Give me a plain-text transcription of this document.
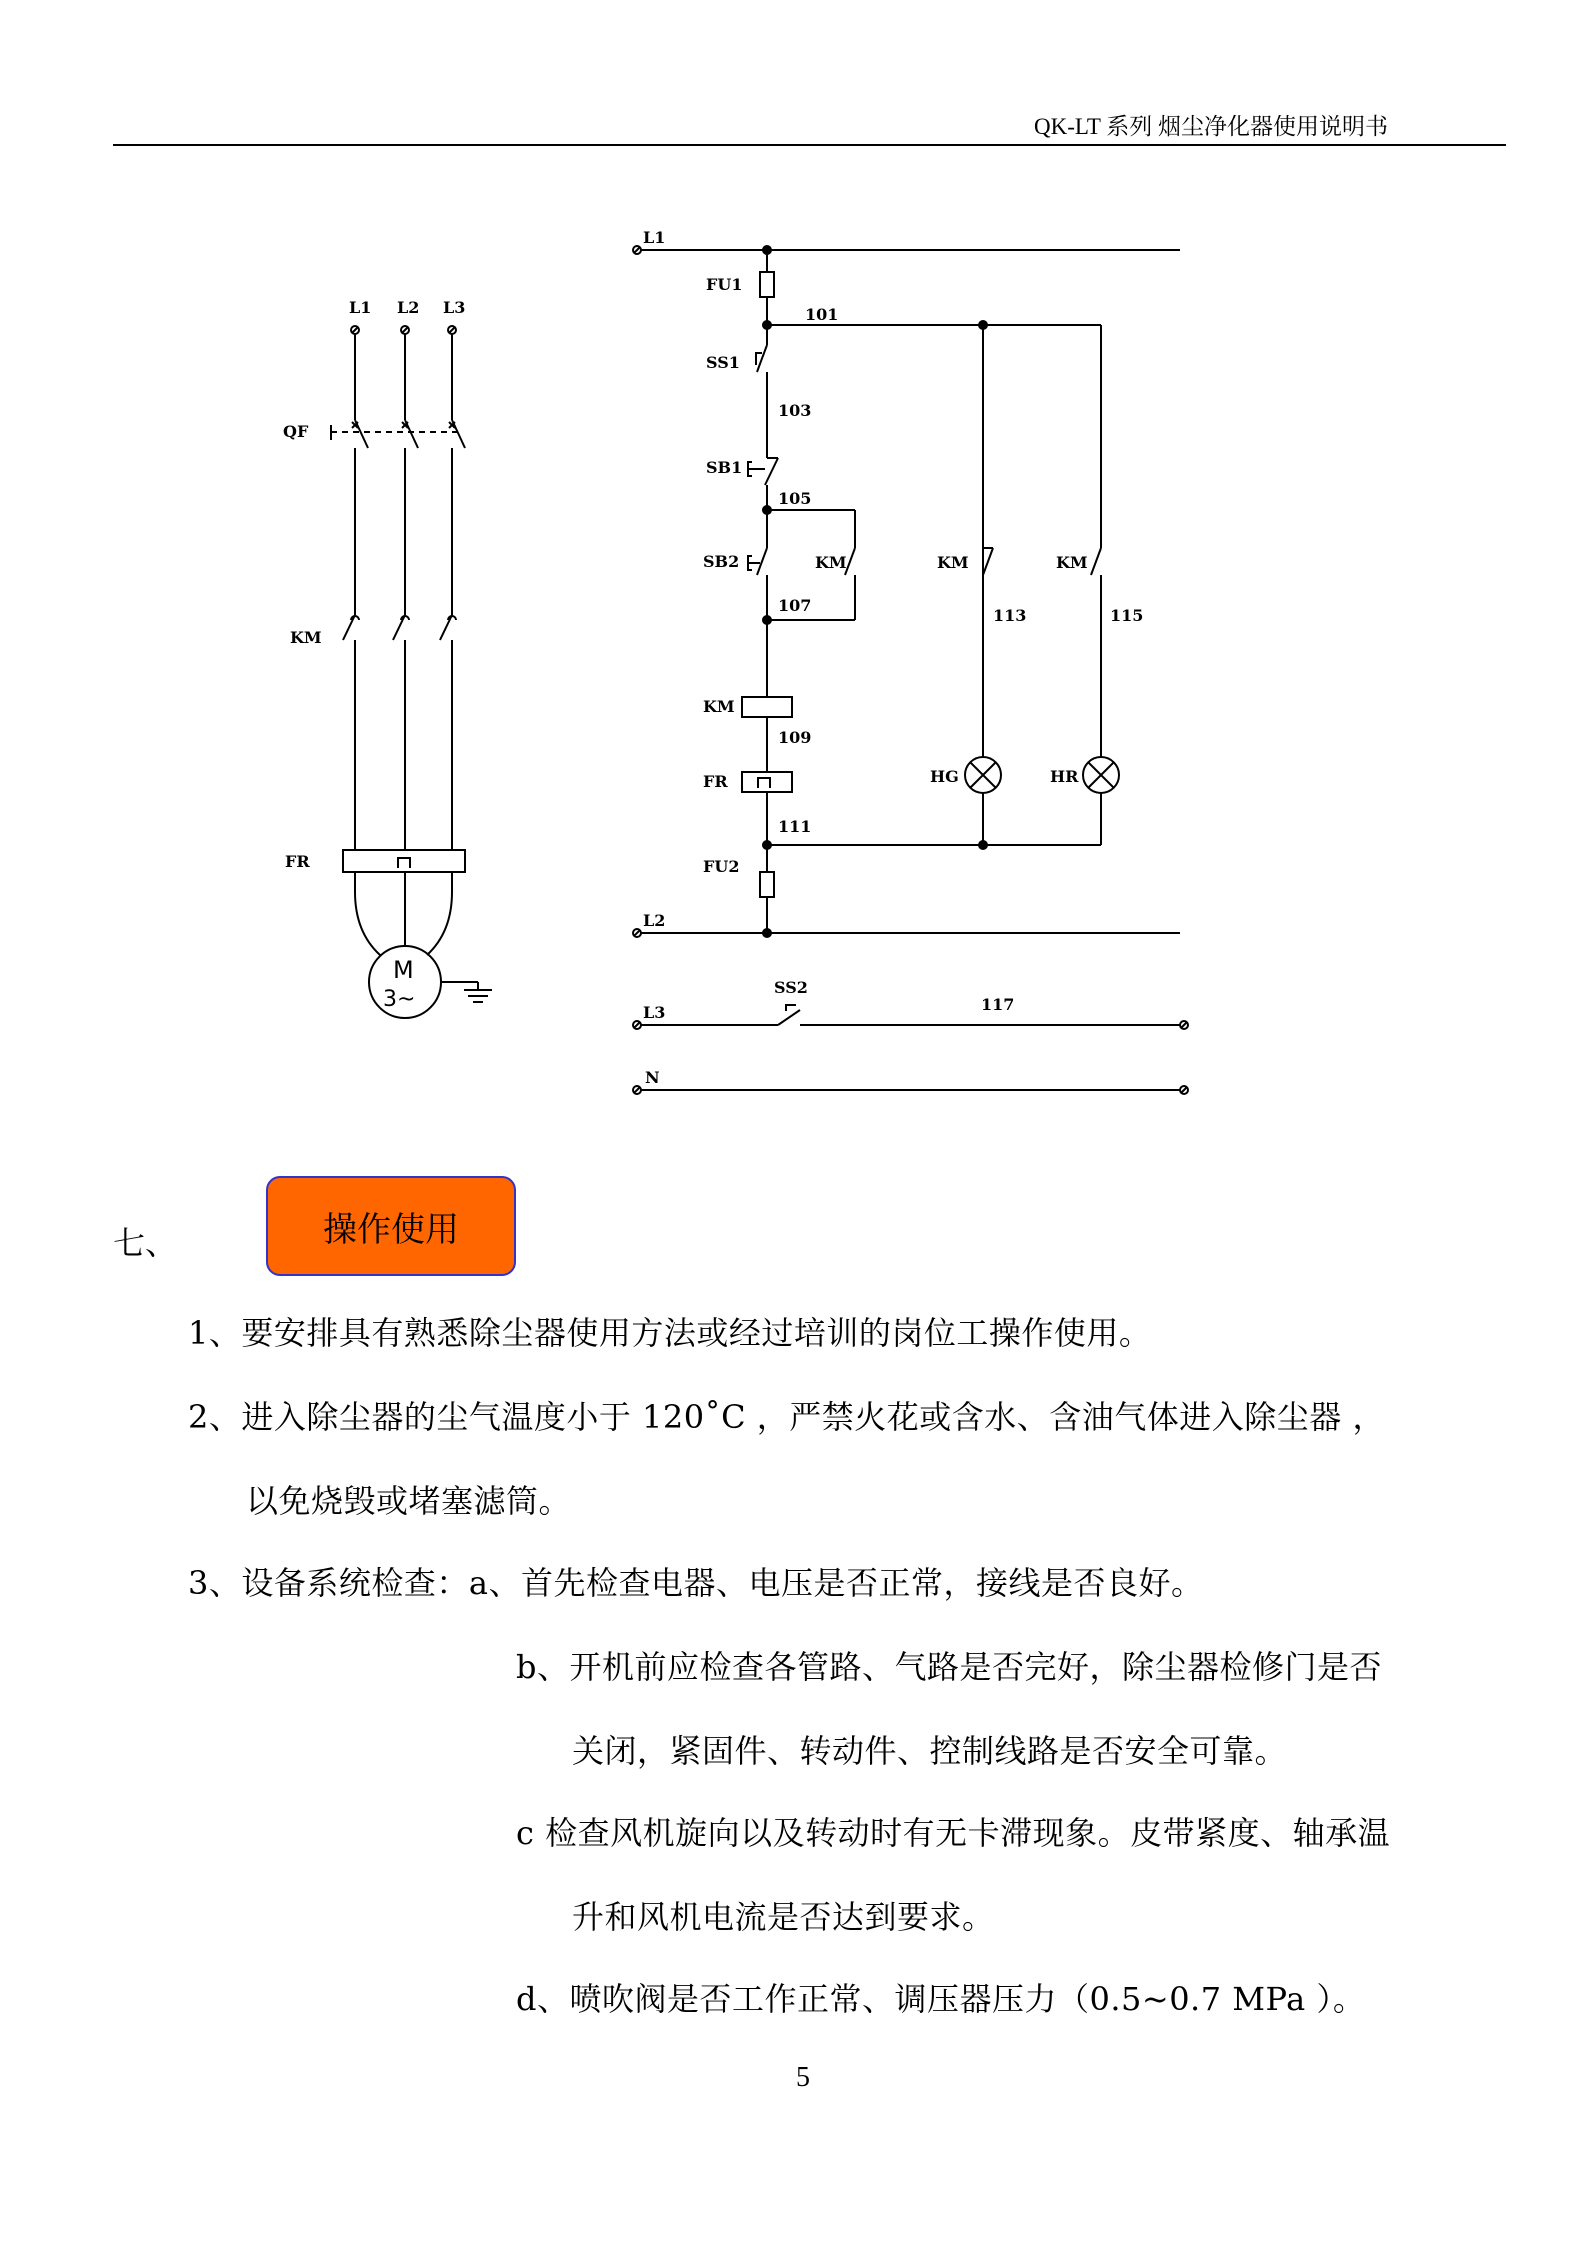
QK-LT 系列 烟尘净化器使用说明书
L1 L2 L3
QF
KM
FR
M
3~
L1
FU1
101
SS1
103
SB1
105
KM
SB2
107
KM
109
FR
111
FU2
L2
KM
113
HG
KM
115
HR
L3
SS2
117
N
七、	操作使用
1、要安排具有熟悉除尘器使用方法或经过培训的岗位工操作使用。
2、进入除尘器的尘气温度小于 120˚C ，严禁火花或含水、含油气体进入除尘器 ，
以免烧毁或堵塞滤筒。
3、设备系统检查：a、首先检查电器、电压是否正常，接线是否良好。
b、开机前应检查各管路、气路是否完好，除尘器检修门是否
关闭，紧固件、转动件、控制线路是否安全可靠。
c 检查风机旋向以及转动时有无卡滞现象。皮带紧度、轴承温
升和风机电流是否达到要求。
d、喷吹阀是否工作正常、调压器压力（0.5~0.7 MPa ）。
5
